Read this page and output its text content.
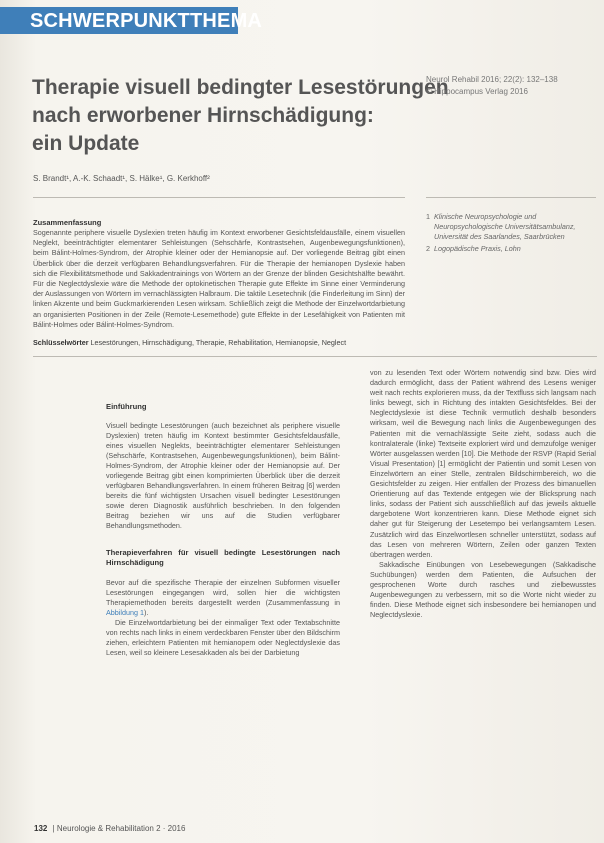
SCHWERPUNKTTHEMA
Therapie visuell bedingter Lesestörungen
nach erworbener Hirnschädigung:
ein Update
Neurol Rehabil 2016; 22(2): 132–138
© Hippocampus Verlag 2016
S. Brandt¹, A.-K. Schaadt¹, S. Hälke¹, G. Kerkhoff²
1 Klinische Neuropsychologie und Neuropsychologische Universitätsambulanz, Universität des Saarlandes, Saarbrücken
2 Logopädische Praxis, Lohn
Zusammenfassung
Sogenannte periphere visuelle Dyslexien treten häufig im Kontext erworbener Gesichtsfeldausfälle, einem visuellen Neglekt, beeinträchtigter elementarer Sehleistungen (Sehschärfe, Kontrastsehen, Augenbewegungsfunktionen), beim Bálint-Holmes-Syndrom, der Atrophie kleiner oder der Hemianopsie auf. Der vorliegende Beitrag gibt einen Überblick über die derzeit verfügbaren Behandlungsverfahren. Für die Therapie der hemianopen Dyslexie haben sich die Flexibilitätsmethode und Sakkadentrainings von Wörtern an der Grenze der blinden Gesichtshälfte bewährt. Für die Neglectdyslexie wäre die Methode der optokinetischen Therapie gute Effekte im Sinne einer Verminderung der Auslassungen von Wörtern im vernachlässigten Halbraum. Die taktile Lesetechnik (die Finderleitung im Sinn) der linken Akzente und beim Guckmarkierenden Lesen wirksam. Schließlich zeigt die Methode der Einzelwortdarbietung an organisierten Positionen in der Zeile (Remote-Lesemethode) gute Effekte in der Lesefähigkeit von Patienten mit Bálint-Holmes oder Bálint-Holmes-Syndrom.
Schlüsselwörter Lesestörungen, Hirnschädigung, Therapie, Rehabilitation, Hemianopsie, Neglect

Einführung

Visuell bedingte Lesestörungen (auch bezeichnet als periphere visuelle Dyslexien) treten häufig im Kontext bestimmter Gesichtsfeldausfälle, eines visuellen Neglekts, beeinträchtigter elementarer Sehleistungen (Sehschärfe, Kontrastsehen, Augenbewegungsfunktionen), beim Bálint-Holmes-Syndrom, der Atrophie kleiner oder der Hemianopsie auf. Der vorliegende Beitrag gibt einen komprimierten Überblick über die derzeit verfügbaren Behandlungsverfahren. In einem früheren Beitrag [6] werden bereits die fünf wichtigsten Ursachen visuell bedingter Lesestörungen sowie deren Diagnostik ausführlich beschrieben. In den folgenden Beitrag beziehen wir uns auf die Studien verfügbarer Behandlungsmethoden.

Therapieverfahren für visuell bedingte Lesestörungen nach Hirnschädigung

Bevor auf die spezifische Therapie der einzelnen Subformen visueller Lesestörungen eingegangen wird, sollen hier die wichtigsten Therapiemethoden bereits dargestellt werden (Zusammenfassung in Abbildung 1).

Die Einzelwortdarbietung bei der einmaliger Text oder Textabschnitte von rechts nach links in einem verdeckbaren Fenster über den Bildschirm ziehen, erleichtern Patienten mit hemianopem oder Neglectdyslexie das Lesen, weil so kleinere Lesesakkaden als bei der Darbietung

von zu lesenden Text oder Wörtern notwendig sind bzw. Dies wird dadurch ermöglicht, dass der Patient während des Lesens weniger weit nach rechts explorieren muss, da der Textfluss sich langsam nach links bewegt, sich in Richtung des intakten Gesichtsfeldes. Bei der Neglectdyslexie ist diese Technik vermutlich deshalb besonders wirksam, weil die Bewegung nach links die Augenbewegungen des Patienten mit die vernachlässigte Seite zieht, sodass auch die kontralaterale (linke) Textseite exploriert wird und demzufolge weniger Wörter ausgelassen werden [10]. Die Methode der RSVP (Rapid Serial Visual Presentation) [1] ermöglicht der Patientin und somit Lesen von Einzelwörtern an einer Stelle, zentralen Bildschirmbereich, wo die Gesichtsfelder zu zeigen. Hier entfallen der Prozess des bimanuellen Orientierung auf das Textende entgegen wie der Blicksprung nach links, sodass der Patient sich ausschließlich auf das jeweils aktuelle dargebotene Wort konzentrieren kann. Diese Methode eignet sich daher gut für Steigerung der Lesetempo bei verlangsamtem Lesen. Zusätzlich wird das Einzelwortlesen schneller unterstützt, sodass auf das Lesen von mehreren Wörtern, Zeilen oder ganzen Texten übertragen werden.

Sakkadische Einübungen von Lesebewegungen (Sakkadische Suchübungen) werden dem Patienten, die Aufsuchen der gesprochenen Worte durch rasches und zielbewusstes Augenbewegungen zu verbessern, mit so die Worte nicht wieder zu finden. Diese Methode eignet sich insbesondere bei hemianopen und Neglectdyslexie.

132 | Neurologie & Rehabilitation 2 · 2016
